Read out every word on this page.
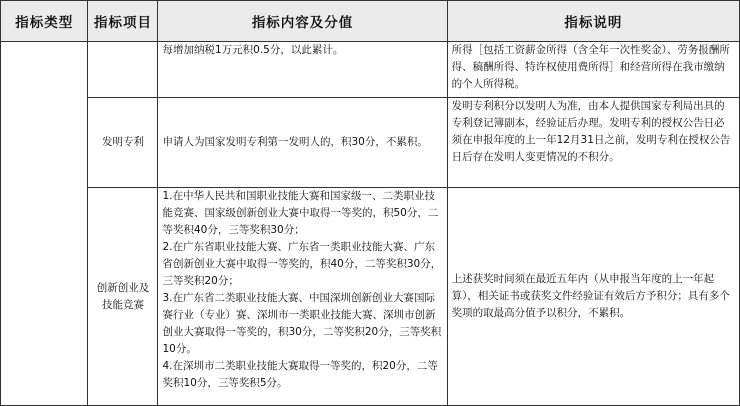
指标类型	指标项目	指标内容及分值	指标说明

		每增加纳税1万元积0.5分，以此累计。	所得［包括工资薪金所得（含全年一次性奖金）、劳务报酬所得、稿酬所得、特许权使用费所得］和经营所得在我市缴纳的个人所得税。

	发明专利	申请人为国家发明专利第一发明人的，积30分，不累积。	发明专利积分以发明人为准，由本人提供国家专利局出具的专利登记簿副本，经验证后办理。发明专利的授权公告日必须在申报年度的上一年12月31日之前，发明专利在授权公告日后存在发明人变更情况的不积分。

	创新创业及技能竞赛	1.在中华人民共和国职业技能大赛和国家级一、二类职业技能竞赛、国家级创新创业大赛中取得一等奖的，积50分，二等奖积40分，三等奖积30分；
2.在广东省职业技能大赛、广东省一类职业技能大赛、广东省创新创业大赛中取得一等奖的，积40分，二等奖积30分，三等奖积20分；
3.在广东省二类职业技能大赛、中国深圳创新创业大赛国际赛行业（专业）赛、深圳市一类职业技能大赛、深圳市创新创业大赛取得一等奖的，积30分，二等奖积20分，三等奖积10分。
4.在深圳市二类职业技能大赛取得一等奖的，积20分，二等奖积10分，三等奖积5分。	上述获奖时间须在最近五年内（从申报当年度的上一年起算），相关证书或获奖文件经验证有效后方予积分；具有多个奖项的取最高分值予以积分，不累积。
